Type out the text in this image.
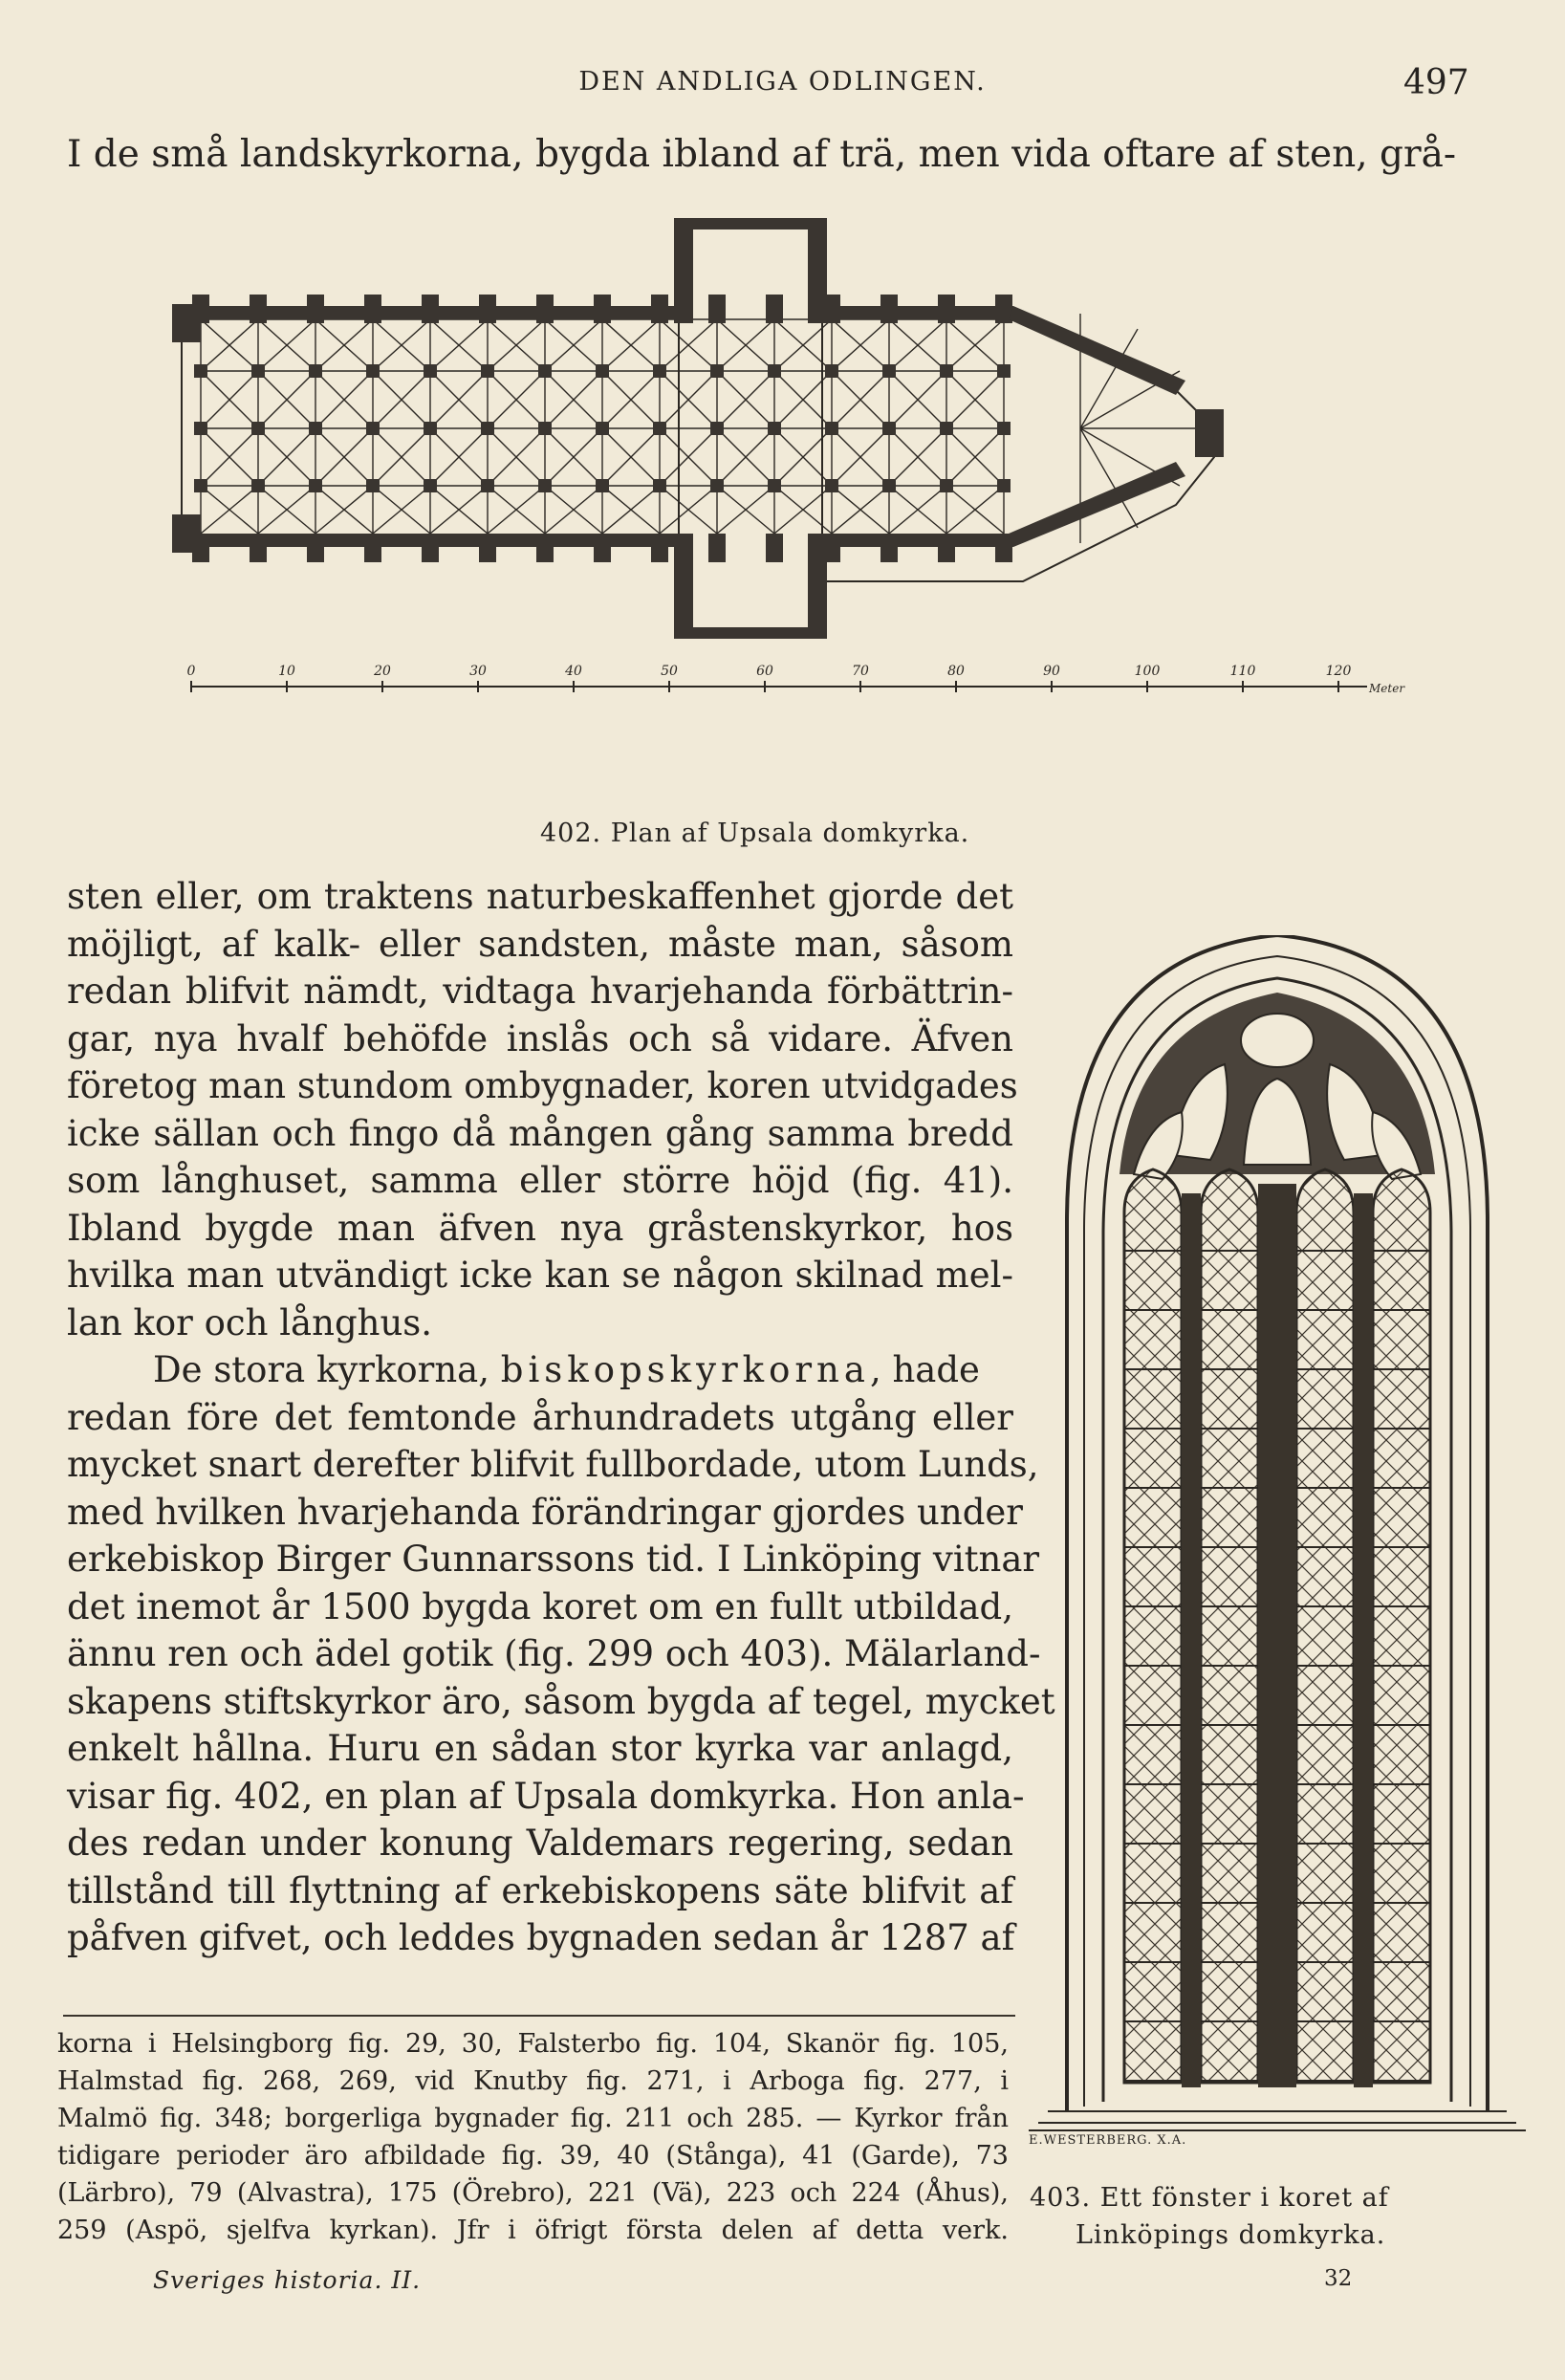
DEN ANDLIGA ODLINGEN.	497
I de små landskyrkorna, bygda ibland af trä, men vida oftare af sten, grå-
0	10	20	30	40	50	60	70	80	90	100	110	120
Meter
402. Plan af Upsala domkyrka.
sten eller, om traktens naturbeskaffenhet gjorde det
möjligt, af kalk- eller sandsten, måste man, såsom
redan blifvit nämdt, vidtaga hvarjehanda förbättrin-
gar, nya hvalf behöfde inslås och så vidare. Äfven
företog man stundom ombygnader, koren utvidgades
icke sällan och fingo då mången gång samma bredd
som långhuset, samma eller större höjd (fig. 41).
Ibland bygde man äfven nya gråstenskyrkor, hos
hvilka man utvändigt icke kan se någon skilnad mel-
lan kor och långhus.
De stora kyrkorna, biskopskyrkorna, hade
redan före det femtonde århundradets utgång eller
mycket snart derefter blifvit fullbordade, utom Lunds,
med hvilken hvarjehanda förändringar gjordes under
erkebiskop Birger Gunnarssons tid. I Linköping vitnar
det inemot år 1500 bygda koret om en fullt utbildad,
ännu ren och ädel gotik (fig. 299 och 403). Mälarland-
skapens stiftskyrkor äro, såsom bygda af tegel, mycket
enkelt hållna. Huru en sådan stor kyrka var anlagd,
visar fig. 402, en plan af Upsala domkyrka. Hon anla-
des redan under konung Valdemars regering, sedan
tillstånd till flyttning af erkebiskopens säte blifvit af
påfven gifvet, och leddes bygnaden sedan år 1287 af
E.WESTERBERG. X.A.
403. Ett fönster i koret af
Linköpings domkyrka.
korna i Helsingborg fig. 29, 30, Falsterbo fig. 104, Skanör fig. 105,
Halmstad fig. 268, 269, vid Knutby fig. 271, i Arboga fig. 277, i
Malmö fig. 348; borgerliga bygnader fig. 211 och 285. — Kyrkor från
tidigare perioder äro afbildade fig. 39, 40 (Stånga), 41 (Garde), 73
(Lärbro), 79 (Alvastra), 175 (Örebro), 221 (Vä), 223 och 224 (Åhus),
259 (Aspö, sjelfva kyrkan). Jfr i öfrigt första delen af detta verk.
Sveriges historia. II.	32
